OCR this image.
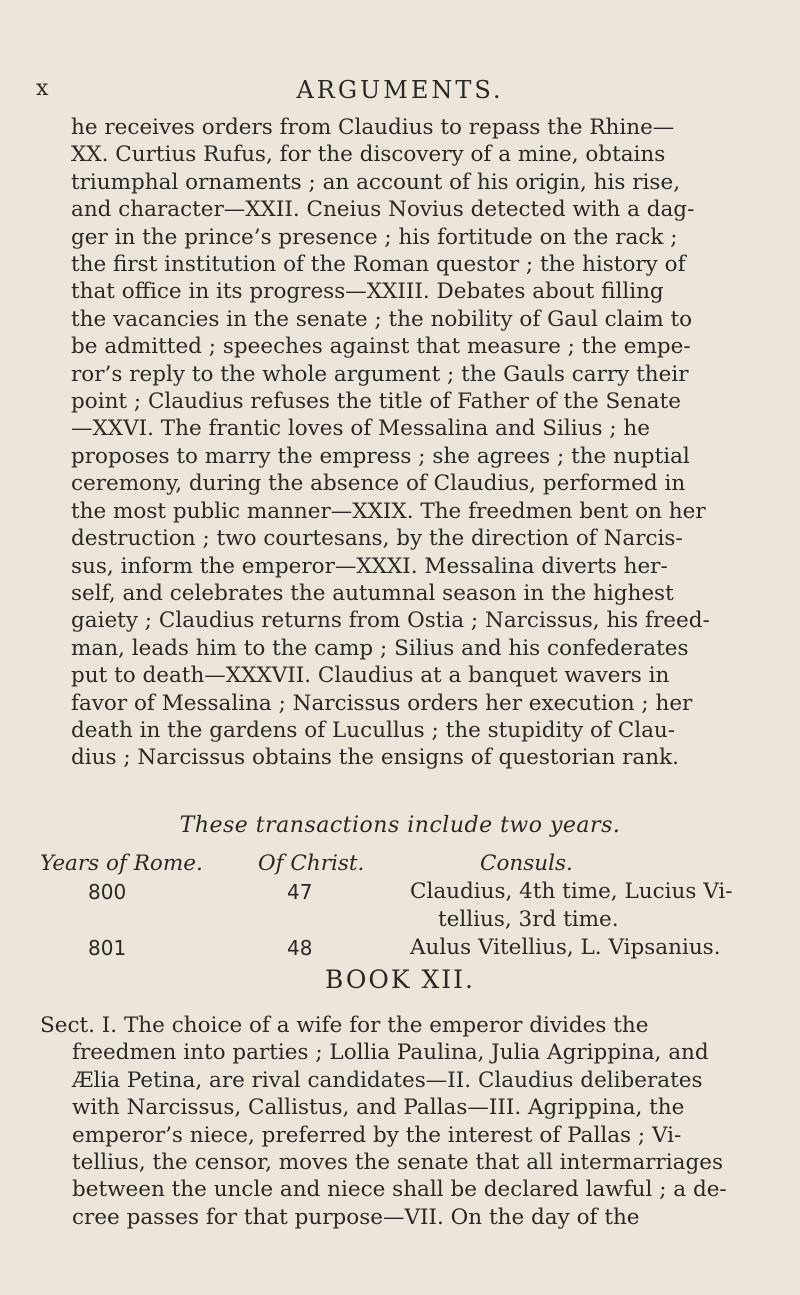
x	ARGUMENTS.

he receives orders from Claudius to repass the Rhine—
XX. Curtius Rufus, for the discovery of a mine, obtains
triumphal ornaments ; an account of his origin, his rise,
and character—XXII. Cneius Novius detected with a dag-
ger in the prince’s presence ; his fortitude on the rack ;
the first institution of the Roman questor ; the history of
that office in its progress—XXIII. Debates about filling
the vacancies in the senate ; the nobility of Gaul claim to
be admitted ; speeches against that measure ; the empe-
ror’s reply to the whole argument ; the Gauls carry their
point ; Claudius refuses the title of Father of the Senate
—XXVI. The frantic loves of Messalina and Silius ; he
proposes to marry the empress ; she agrees ; the nuptial
ceremony, during the absence of Claudius, performed in
the most public manner—XXIX. The freedmen bent on her
destruction ; two courtesans, by the direction of Narcis-
sus, inform the emperor—XXXI. Messalina diverts her-
self, and celebrates the autumnal season in the highest
gaiety ; Claudius returns from Ostia ; Narcissus, his freed-
man, leads him to the camp ; Silius and his confederates
put to death—XXXVII. Claudius at a banquet wavers in
favor of Messalina ; Narcissus orders her execution ; her
death in the gardens of Lucullus ; the stupidity of Clau-
dius ; Narcissus obtains the ensigns of questorian rank.

These transactions include two years.
Years of Rome.	Of Christ.	Consuls.
800	47	Claudius, 4th time, Lucius Vi-
tellius, 3rd time.
801	48	Aulus Vitellius, L. Vipsanius.
BOOK XII.

Sect. I. The choice of a wife for the emperor divides the
freedmen into parties ; Lollia Paulina, Julia Agrippina, and
Ælia Petina, are rival candidates—II. Claudius deliberates
with Narcissus, Callistus, and Pallas—III. Agrippina, the
emperor’s niece, preferred by the interest of Pallas ; Vi-
tellius, the censor, moves the senate that all intermarriages
between the uncle and niece shall be declared lawful ; a de-
cree passes for that purpose—VII. On the day of the
